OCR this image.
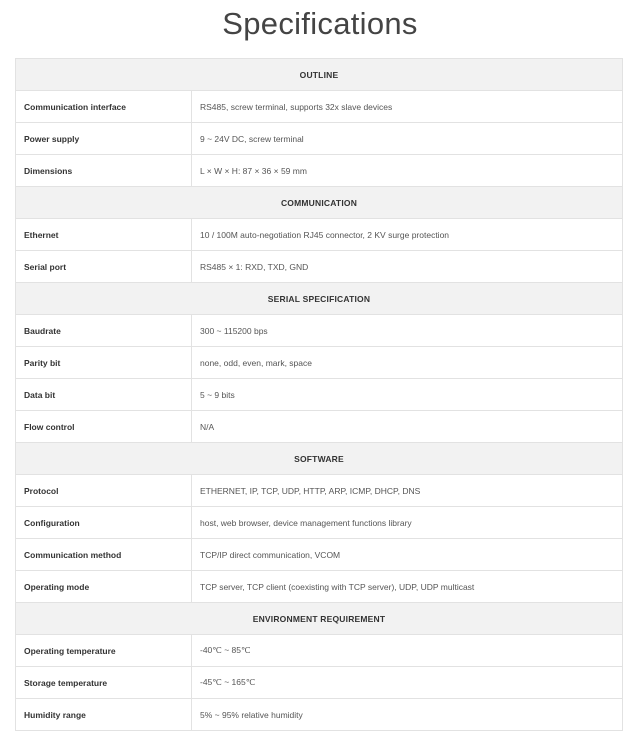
Specifications
OUTLINE	
Communication interface	RS485, screw terminal, supports 32x slave devices
Power supply	9 ~ 24V DC, screw terminal
Dimensions	L × W × H: 87 × 36 × 59 mm
COMMUNICATION	
Ethernet	10 / 100M auto-negotiation RJ45 connector, 2 KV surge protection
Serial port	RS485 × 1: RXD, TXD, GND
SERIAL SPECIFICATION	
Baudrate	300 ~ 115200 bps
Parity bit	none, odd, even, mark, space
Data bit	5 ~ 9 bits
Flow control	N/A
SOFTWARE	
Protocol	ETHERNET, IP, TCP, UDP, HTTP, ARP, ICMP, DHCP, DNS
Configuration	host, web browser, device management functions library
Communication method	TCP/IP direct communication, VCOM
Operating mode	TCP server, TCP client (coexisting with TCP server), UDP, UDP multicast
ENVIRONMENT REQUIREMENT	
Operating temperature	-40℃ ~ 85℃
Storage temperature	-45℃ ~ 165℃
Humidity range	5% ~ 95% relative humidity
